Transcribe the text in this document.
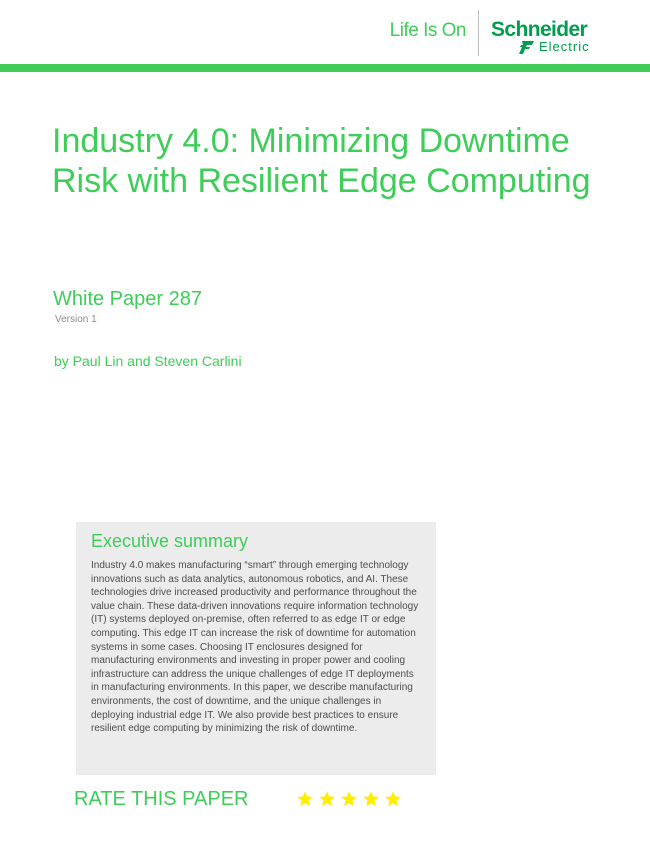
Life Is On Schneider
Electric
Industry 4.0: Minimizing Downtime Risk with Resilient Edge Computing
White Paper 287
Version 1
by Paul Lin and Steven Carlini
Executive summary

Industry 4.0 makes manufacturing “smart” through emerging technology innovations such as data analytics, autonomous robotics, and AI. These technologies drive increased productivity and performance throughout the value chain. These data-driven innovations require information technology (IT) systems deployed on-premise, often referred to as edge IT or edge computing. This edge IT can increase the risk of downtime for automation systems in some cases. Choosing IT enclosures designed for manufacturing environments and investing in proper power and cooling infrastructure can address the unique challenges of edge IT deployments in manufacturing environments. In this paper, we describe manufacturing environments, the cost of downtime, and the unique challenges in deploying industrial edge IT. We also provide best practices to ensure resilient edge computing by minimizing the risk of downtime.

RATE THIS PAPER
